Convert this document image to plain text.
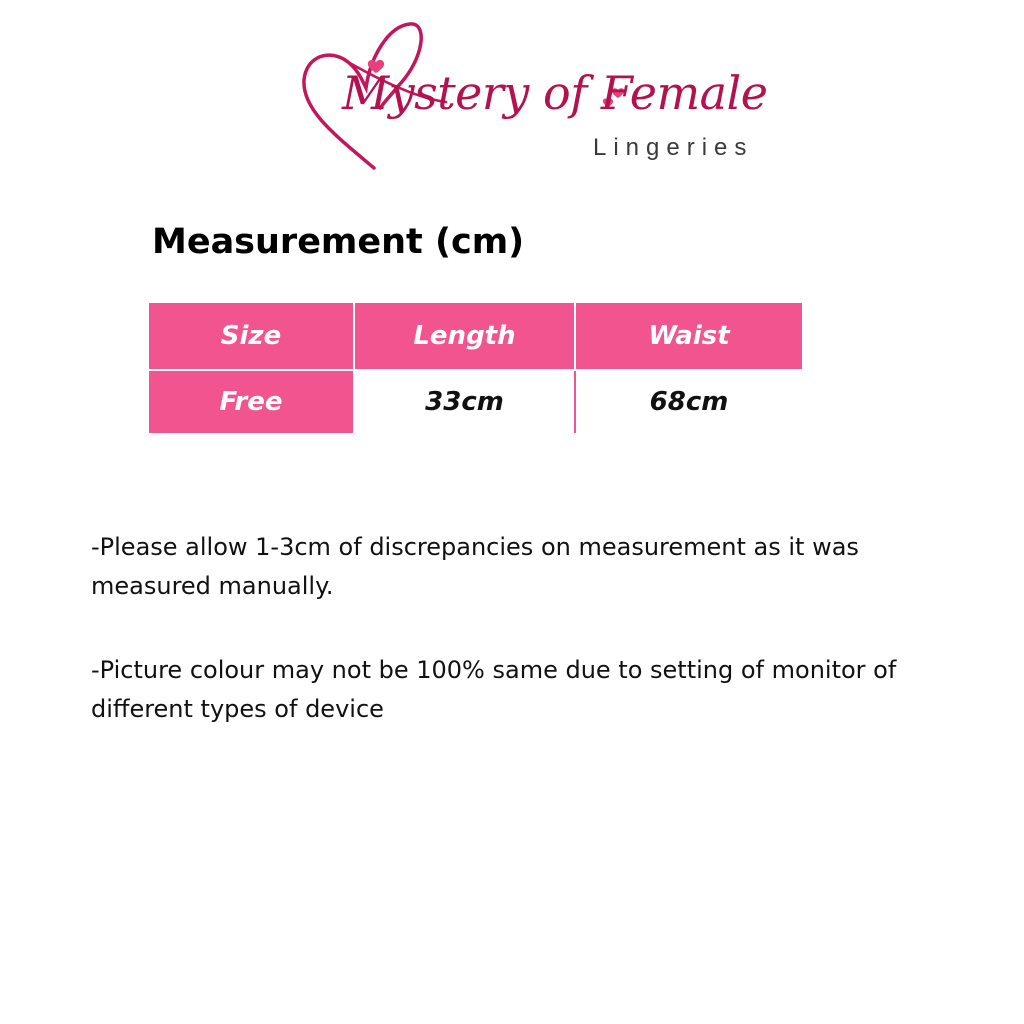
Mystery of Female
Lingeries
Measurement (cm)
Size	Length	Waist
Free	33cm	68cm

-Please allow 1-3cm of discrepancies on measurement as it was measured manually.

-Picture colour may not be 100% same due to setting of monitor of different types of device
